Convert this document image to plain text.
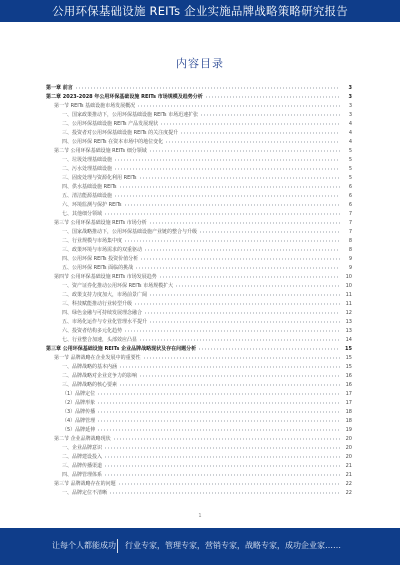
公用环保基础设施 REITs 企业实施品牌战略策略研究报告
内容目录
第一章 前言	3
第二章 2023-2028 年公用环保基础设施 REITs 市场规模及趋势分析	3
第一节 REITs 基础设施市场发展概况	3
一、国家政策推动下，公用环保基础设施 REITs 市场迅速扩张	3
二、公用环保基础设施 REITs 产品发展现状	4
三、投资者对公用环保基础设施 REITs 的关注度提升	4
四、公用环保 REITs 在资本市场中的地位变化	4
第二节 公用环保基础设施 REITs 细分领域	5
一、垃圾处理基础设施	5
二、污水处理基础设施	5
三、固废处理与资源化利用 REITs	5
四、供水基础设施 REITs	6
五、清洁能源基础设施	6
六、环境监测与保护 REITs	6
七、其他细分领域	7
第三节 公用环保基础设施 REITs 市场分析	7
一、国家战略推动下，公用环保基础设施产业链的整合与升级	7
二、行业规模与市场集中度	8
三、政策环境与市场需求的双重驱动	8
四、公用环保 REITs 投资价值分析	9
五、公用环保 REITs 面临的挑战	9
第四节 公用环保基础设施 REITs 市场发展趋势	10
一、资产证券化推动公用环保 REITs 市场规模扩大	10
二、政策支持力度加大，市场前景广阔	11
三、科技赋能推动行业转型升级	11
四、绿色金融与可持续发展理念融合	12
五、市场化运作与专业化管理水平提升	13
六、投资者结构多元化趋势	13
七、行业整合加速，头部效应凸显	14
第三章 公用环保基础设施 REITs 企业品牌战略现状及存在问题分析	15
第一节 品牌战略在企业发展中的重要性	15
一、品牌战略的基本内涵	15
二、品牌战略对企业竞争力的影响	16
三、品牌战略的核心要素	16
（1）品牌定位	17
（2）品牌形象	17
（3）品牌传播	18
（4）品牌管理	18
（5）品牌延伸	19
第二节 企业品牌战略现状	20
一、企业品牌意识	20
二、品牌建设投入	20
三、品牌传播渠道	21
四、品牌管理体系	21
第三节 品牌战略存在的问题	22
一、品牌定位不清晰	22
1
让每个人都能成功 行业专家，管理专家，营销专家，战略专家，成功企业家……
